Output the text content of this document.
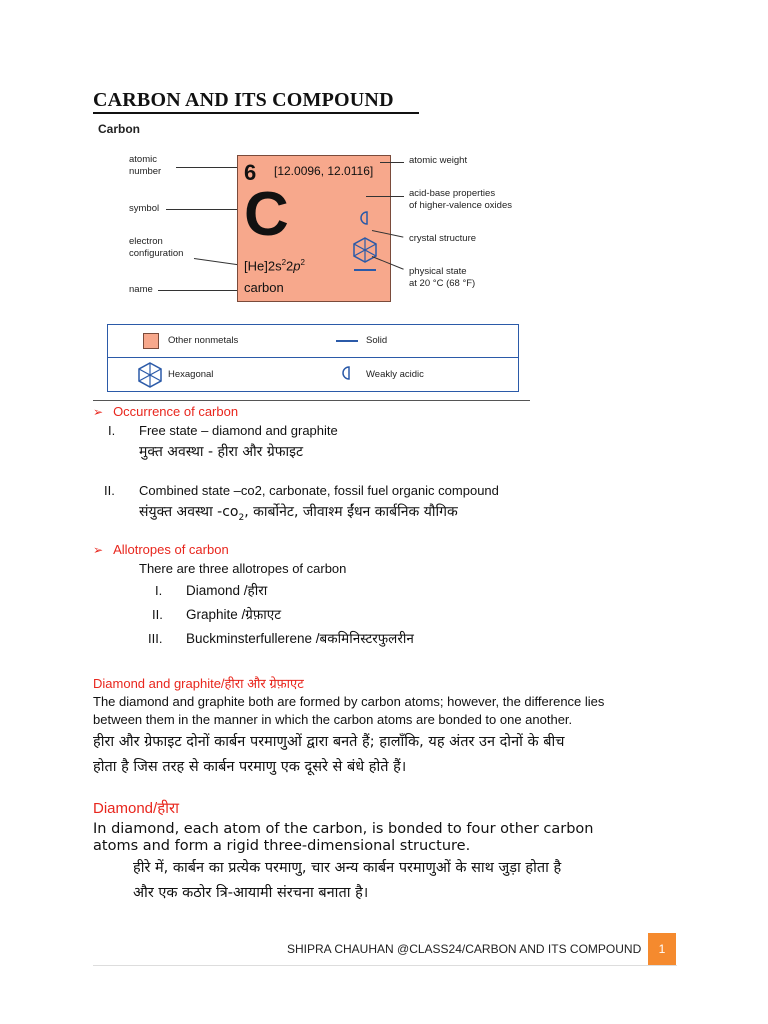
CARBON AND ITS COMPOUND
Carbon
atomic
number
symbol
electron
configuration
name
6 [12.0096, 12.0116]
C
$[He]2s^22p^2$
carbon
atomic weight
acid-base properties
of higher-valence oxides
crystal structure
physical state
at 20 °C (68 °F)
Other nonmetals	Solid
Hexagonal	Weakly acidic
➢ Occurrence of carbon
I. Free state – diamond and graphite
मुक्त अवस्था - हीरा और ग्रेफाइट
II. Combined state –co2, carbonate, fossil fuel organic compound
संयुक्त अवस्था $-co_2$, कार्बोनेट, जीवाश्म ईंधन कार्बनिक यौगिक
➢ Allotropes of carbon
There are three allotropes of carbon
I. Diamond /हीरा
II. Graphite /ग्रेफ़ाएट
III. Buckminsterfullerene /बकमिनिस्टरफुलरीन
Diamond and graphite/हीरा और ग्रेफ़ाएट
The diamond and graphite both are formed by carbon atoms; however, the difference lies
between them in the manner in which the carbon atoms are bonded to one another.
हीरा और ग्रेफाइट दोनों कार्बन परमाणुओं द्वारा बनते हैं; हालाँकि, यह अंतर उन दोनों के बीच
होता है जिस तरह से कार्बन परमाणु एक दूसरे से बंधे होते हैं।
Diamond/हीरा
In diamond, each atom of the carbon, is bonded to four other carbon
atoms and form a rigid three-dimensional structure.
हीरे में, कार्बन का प्रत्येक परमाणु, चार अन्य कार्बन परमाणुओं के साथ जुड़ा होता है
और एक कठोर त्रि-आयामी संरचना बनाता है।
SHIPRA CHAUHAN @CLASS24/CARBON AND ITS COMPOUND	1
